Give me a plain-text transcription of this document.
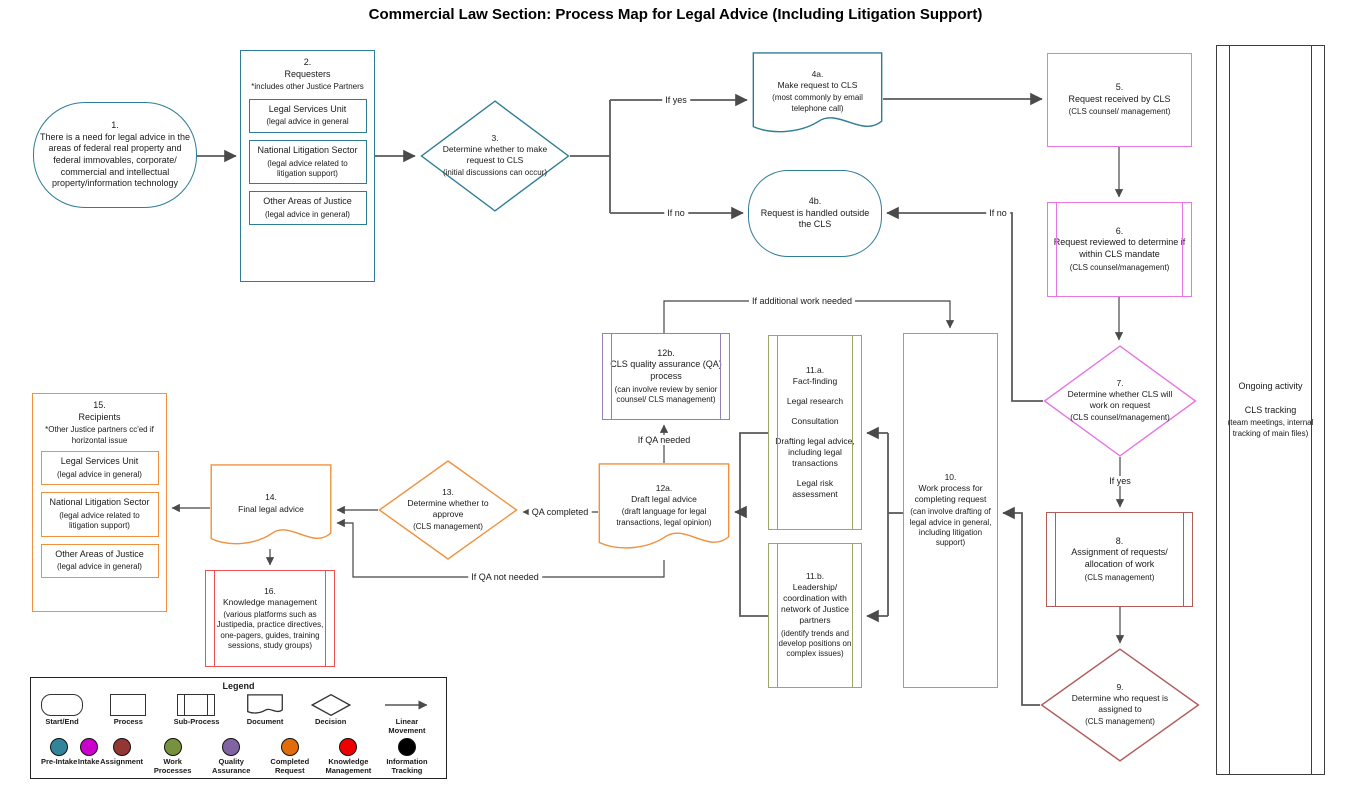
Commercial Law Section: Process Map for Legal Advice (Including Litigation Support)
1.
There is a need for legal advice in the areas of federal real property and federal immovables, corporate/ commercial and intellectual property/information technology
2.
Requesters
*includes other Justice Partners
Legal Services Unit
(legal advice in general
National Litigation Sector
(legal advice related to litigation support)
Other Areas of Justice
(legal advice in general)
3.
Determine whether to make request to CLS
(initial discussions can occur)
4a.
Make request to CLS
(most commonly by email telephone call)
4b.
Request is handled outside the CLS
5.
Request received by CLS
(CLS counsel/ management)
6.
Request reviewed to determine if within CLS mandate
(CLS counsel/management)
7.
Determine whether CLS will work on request
(CLS counsel/management)
8.
Assignment of requests/ allocation of work
(CLS management)
9.
Determine who request is assigned to
(CLS management)
10.
Work process for completing request
(can involve drafting of legal advice in general, including litigation support)
11.a.
Fact-finding
Legal research
Consultation
Drafting legal advice, including legal transactions
Legal risk assessment
11.b.
Leadership/ coordination with network of Justice partners
(identify trends and develop positions on complex issues)
12a.
Draft legal advice
(draft language for legal transactions, legal opinion)
12b.
CLS quality assurance (QA) process
(can involve review by senior counsel/ CLS management)
13.
Determine whether to approve
(CLS management)
14.
Final legal advice
15.
Recipients
*Other Justice partners cc'ed if horizontal issue
Legal Services Unit
(legal advice in general)
National Litigation Sector
(legal advice related to litigation support)
Other Areas of Justice
(legal advice in general)
16.
Knowledge management
(various platforms such as Justipedia, practice directives, one-pagers, guides, training sessions, study groups)
Ongoing activity
CLS tracking
(team meetings, internal tracking of main files)
If yes
If no	If no
If yes
If additional work needed
If QA needed
QA completed
If QA not needed
Legend
Start/End	Process	Sub-Process	Document	Decision	Linear Movement
Pre-Intake Intake Assignment	Work Processes
Quality Assurance
Completed Request
Knowledge Management
Information Tracking
